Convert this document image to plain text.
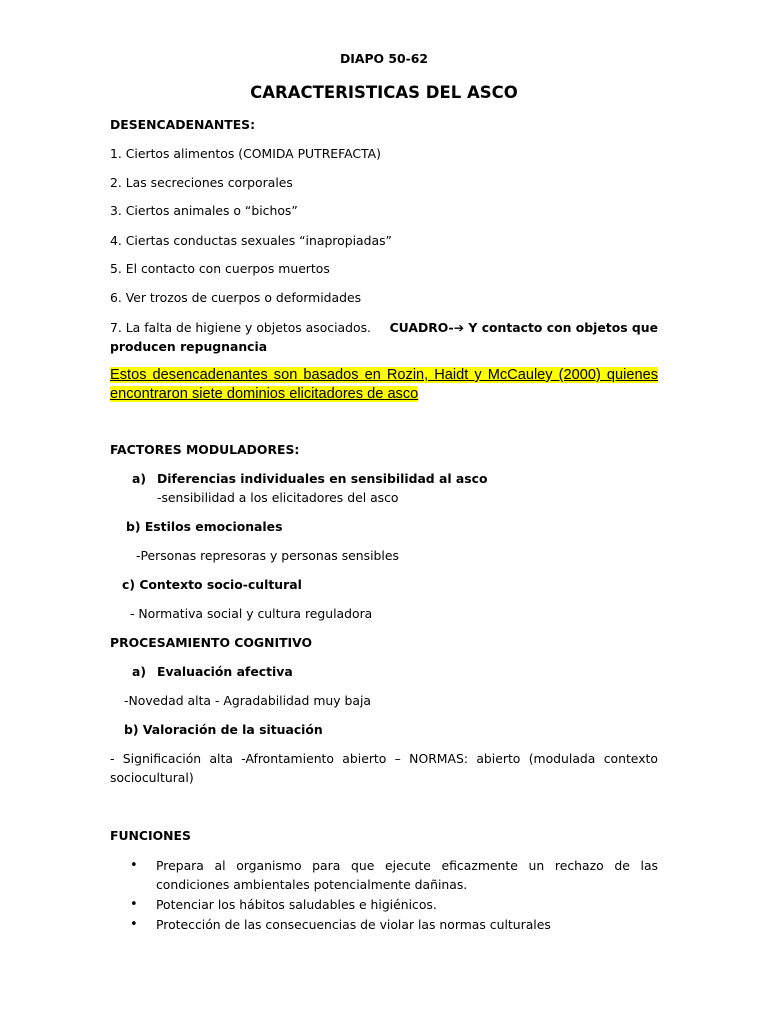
DIAPO 50-62
CARACTERISTICAS DEL ASCO
DESENCADENANTES:
1. Ciertos alimentos (COMIDA PUTREFACTA)
2. Las secreciones corporales
3. Ciertos animales o “bichos”
4. Ciertas conductas sexuales “inapropiadas”
5. El contacto con cuerpos muertos
6. Ver trozos de cuerpos o deformidades
7. La falta de higiene y objetos asociados. CUADRO-➔ Y contacto con objetos que
producen repugnancia
Estos desencadenantes son basados en Rozin, Haidt y McCauley (2000) quienes encontraron siete dominios elicitadores de asco
FACTORES MODULADORES:
a) Diferencias individuales en sensibilidad al asco
-sensibilidad a los elicitadores del asco
b) Estilos emocionales
-Personas represoras y personas sensibles
c) Contexto socio-cultural
- Normativa social y cultura reguladora
PROCESAMIENTO COGNITIVO
a) Evaluación afectiva
-Novedad alta - Agradabilidad muy baja
b) Valoración de la situación
- Significación alta -Afrontamiento abierto – NORMAS: abierto (modulada contexto
sociocultural)
FUNCIONES
• Prepara al organismo para que ejecute eficazmente un rechazo de las condiciones ambientales potencialmente dañinas.
• Potenciar los hábitos saludables e higiénicos.
• Protección de las consecuencias de violar las normas culturales
